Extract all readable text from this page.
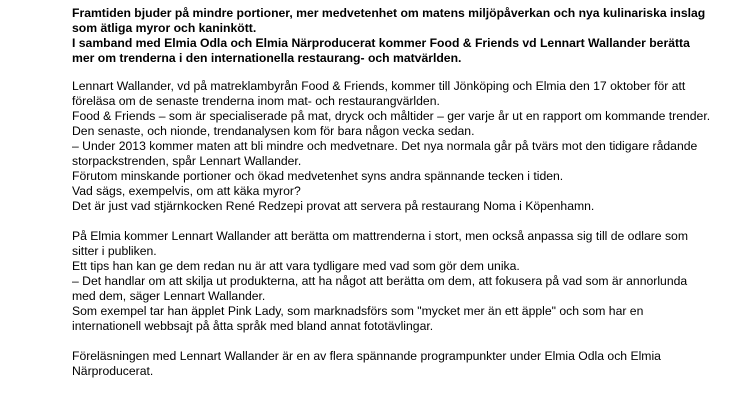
Framtiden bjuder på mindre portioner, mer medvetenhet om matens miljöpåverkan och nya kulinariska inslag som ätliga myror och kaninkött.

I samband med Elmia Odla och Elmia Närproducerat kommer Food & Friends vd Lennart Wallander berätta mer om trenderna i den internationella restaurang- och matvärlden.

Lennart Wallander, vd på matreklambyrån Food & Friends, kommer till Jönköping och Elmia den 17 oktober för att föreläsa om de senaste trenderna inom mat- och restaurangvärlden.

Food & Friends – som är specialiserade på mat, dryck och måltider – ger varje år ut en rapport om kommande trender. Den senaste, och nionde, trendanalysen kom för bara någon vecka sedan.

– Under 2013 kommer maten att bli mindre och medvetnare. Det nya normala går på tvärs mot den tidigare rådande storpackstrenden, spår Lennart Wallander.

Förutom minskande portioner och ökad medvetenhet syns andra spännande tecken i tiden.

Vad sägs, exempelvis, om att käka myror?

Det är just vad stjärnkocken René Redzepi provat att servera på restaurang Noma i Köpenhamn.

På Elmia kommer Lennart Wallander att berätta om mattrenderna i stort, men också anpassa sig till de odlare som sitter i publiken.

Ett tips han kan ge dem redan nu är att vara tydligare med vad som gör dem unika.

– Det handlar om att skilja ut produkterna, att ha något att berätta om dem, att fokusera på vad som är annorlunda med dem, säger Lennart Wallander.

Som exempel tar han äpplet Pink Lady, som marknadsförs som "mycket mer än ett äpple" och som har en internationell webbsajt på åtta språk med bland annat fototävlingar.

Föreläsningen med Lennart Wallander är en av flera spännande programpunkter under Elmia Odla och Elmia Närproducerat.
